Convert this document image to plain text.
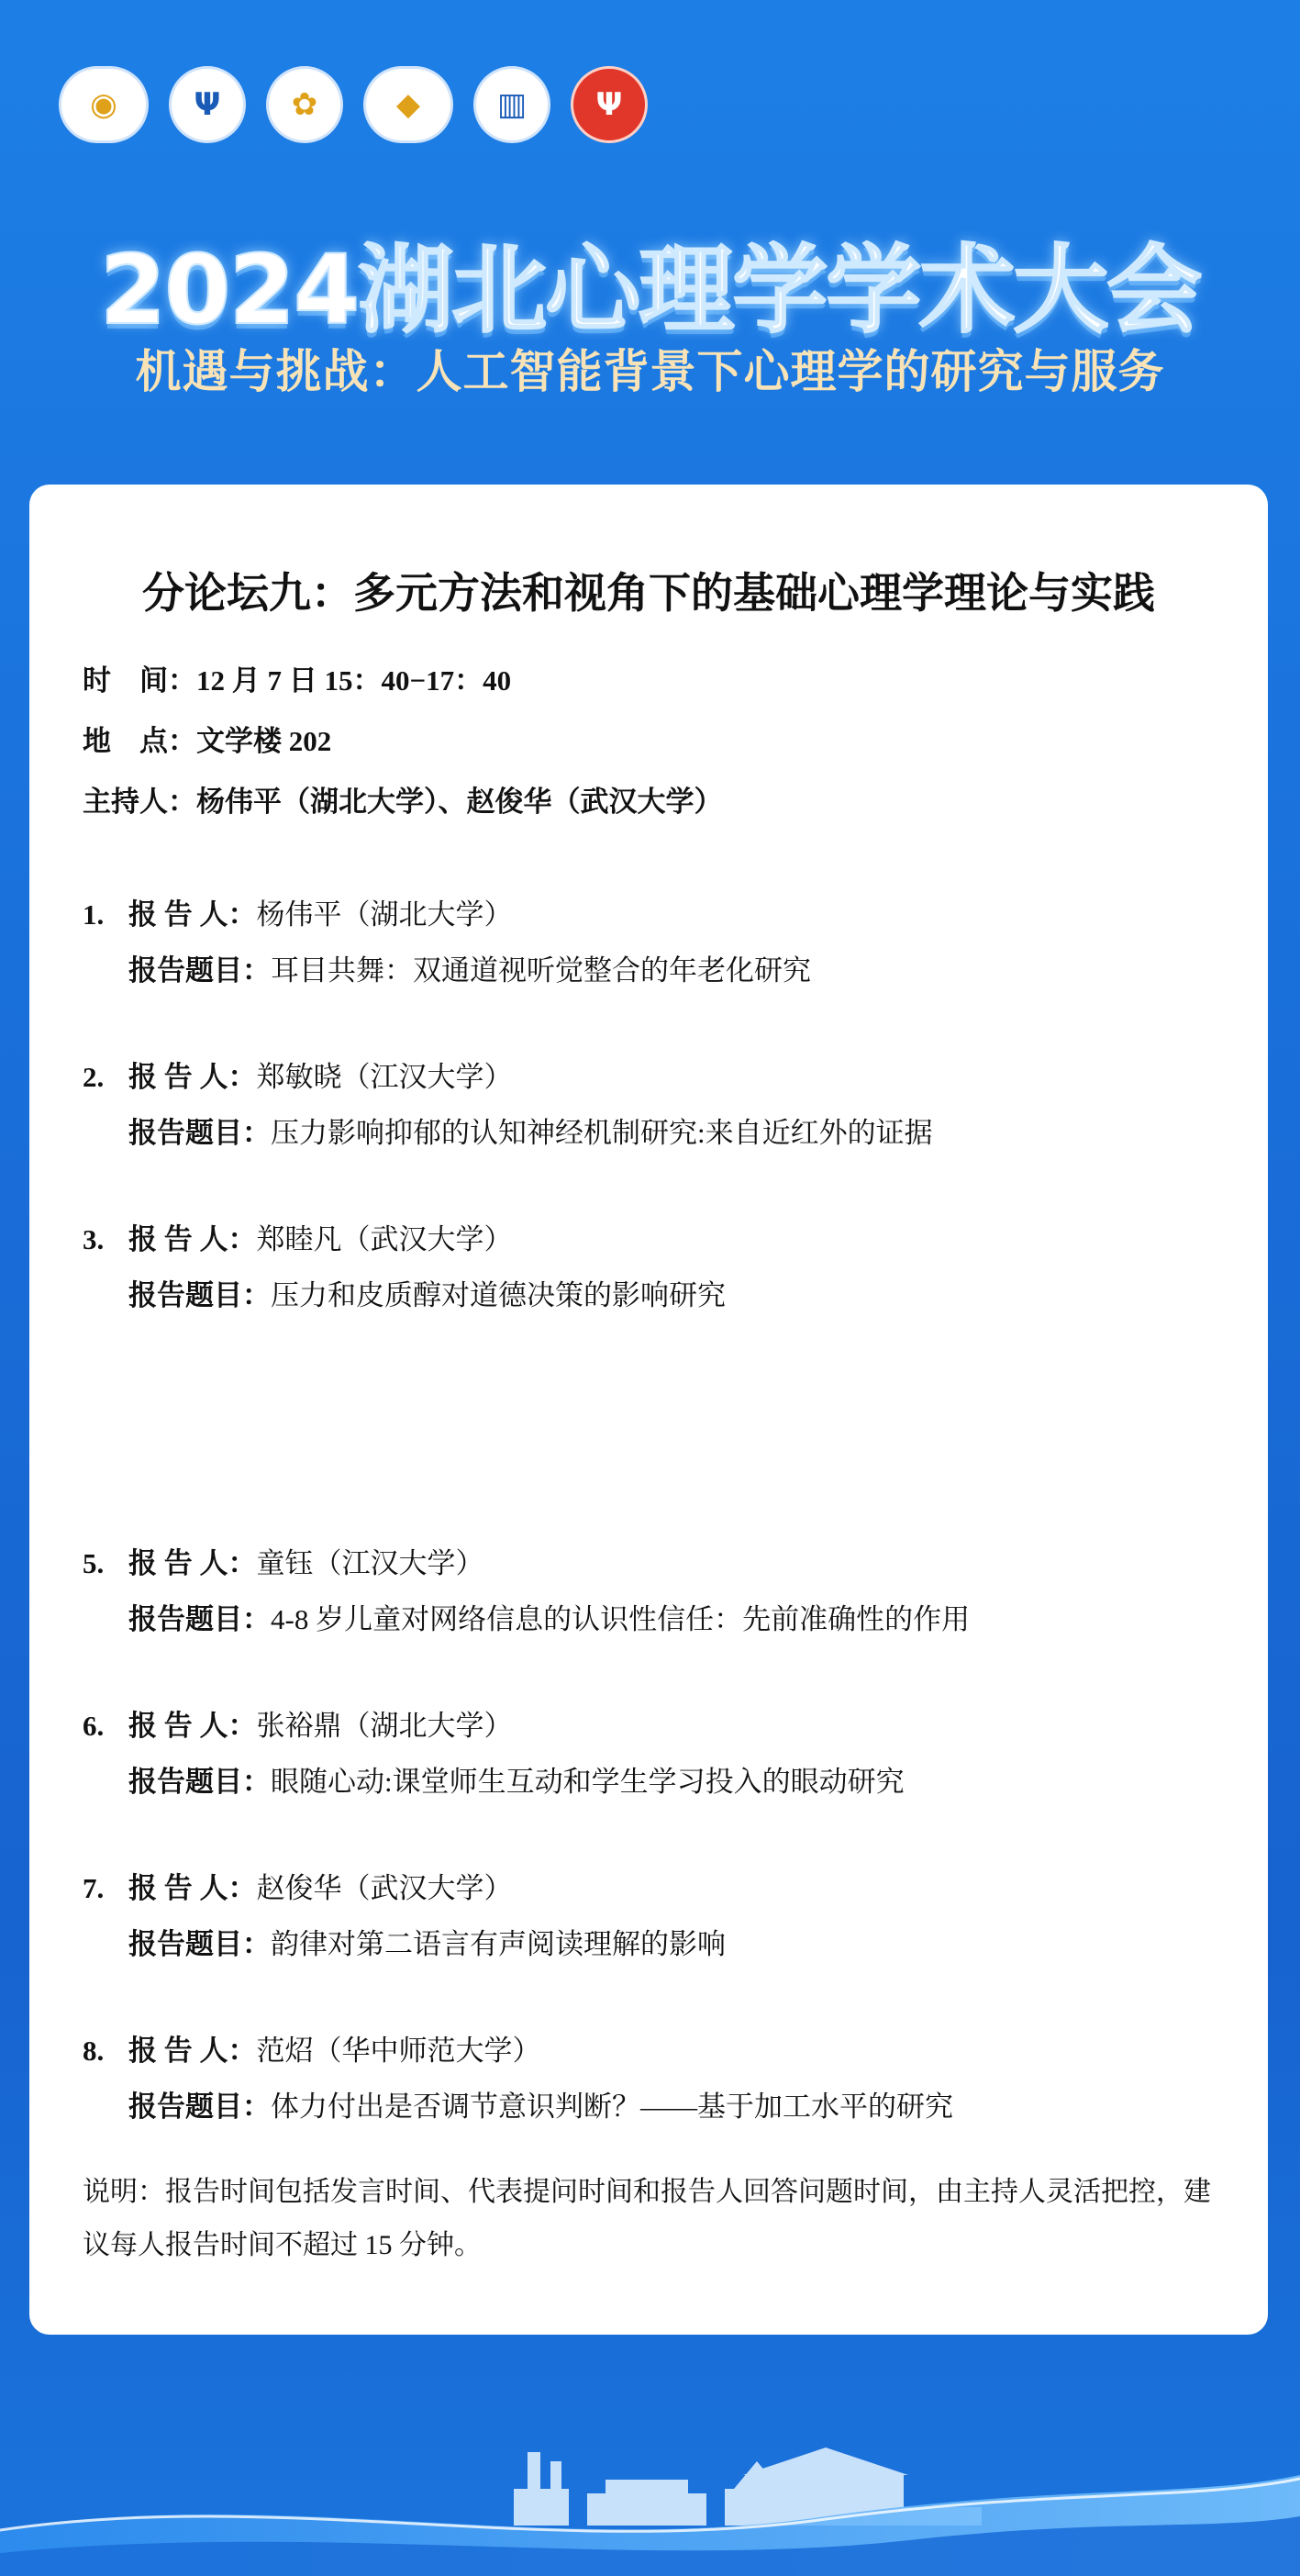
◉	Ψ	✿	◆	▥	Ψ
2024湖北心理学学术大会
机遇与挑战：人工智能背景下心理学的研究与服务
分论坛九：多元方法和视角下的基础心理学理论与实践
时　间：12 月 7 日 15：40−17：40
地　点：文学楼 202
主持人：杨伟平（湖北大学）、赵俊华（武汉大学）
1. 报 告 人：杨伟平（湖北大学）
报告题目：耳目共舞：双通道视听觉整合的年老化研究
2. 报 告 人：郑敏晓（江汉大学）
报告题目：压力影响抑郁的认知神经机制研究:来自近红外的证据
3. 报 告 人：郑睦凡（武汉大学）
报告题目：压力和皮质醇对道德决策的影响研究
5. 报 告 人：童钰（江汉大学）
报告题目：4-8 岁儿童对网络信息的认识性信任：先前准确性的作用
6. 报 告 人：张裕鼎（湖北大学）
报告题目：眼随心动:课堂师生互动和学生学习投入的眼动研究
7. 报 告 人：赵俊华（武汉大学）
报告题目：韵律对第二语言有声阅读理解的影响
8. 报 告 人：范炤（华中师范大学）
报告题目：体力付出是否调节意识判断？——基于加工水平的研究
说明：报告时间包括发言时间、代表提问时间和报告人回答问题时间，由主持人灵活把控，建议每人报告时间不超过 15 分钟。
